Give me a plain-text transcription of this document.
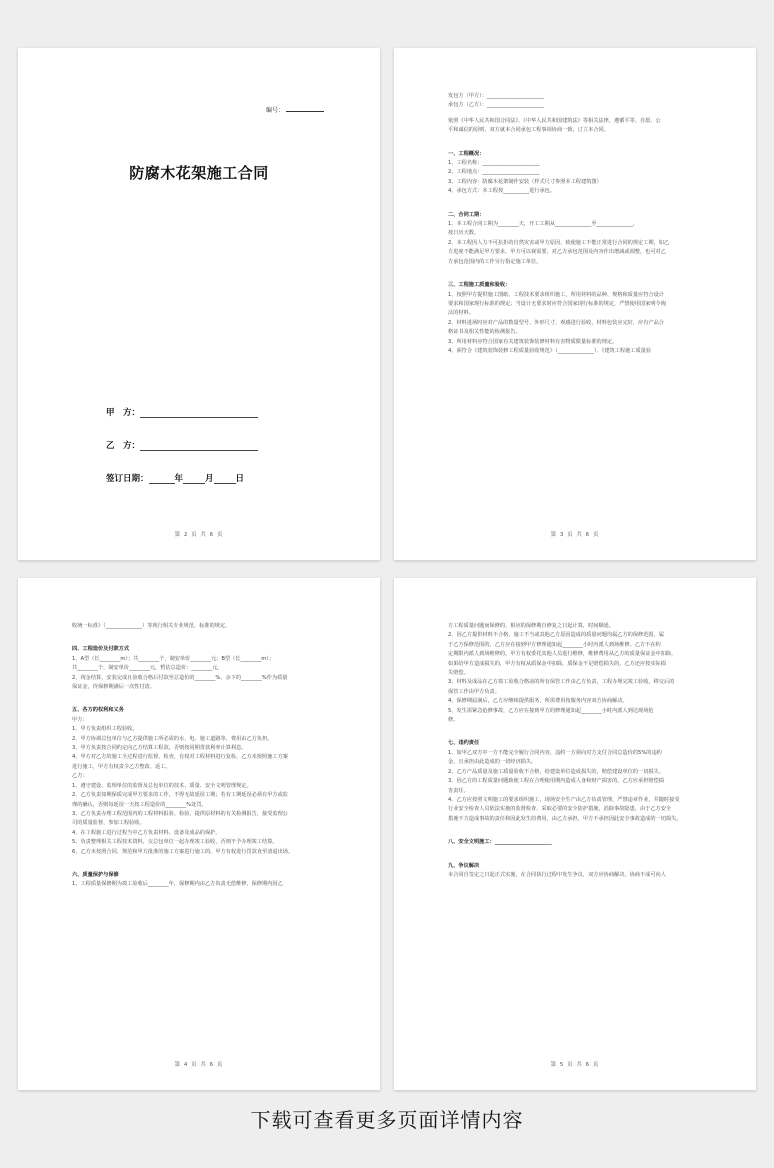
编号：
防腐木花架施工合同
甲　方：
乙　方：
签订日期：	年	月	日
第 2 页 共 6 页
发包方（甲方）：______________________
承包方（乙方）：______________________
依照《中华人民共和国合同法》、《中华人民共和国建筑法》等相关法律，遵循平等、自愿、公
平和诚信的原则，双方就本合同承包工程事项协商一致，订立本合同。
一、工程概况：
1、工程名称：______________________
2、工程地点：______________________
3、工程内容：防腐木花架制作安装（样式尺寸参照本工程建筑图）
4、承包方式：本工程按__________进行承包。
二、合同工期：
1、本工程合同工期为________天，开工工期从______________至______________，
按日历天数。
2、本工程因人力不可抗拒的自然灾害或甲方原因，致使施工不能正常进行合同的规定工期，如乙
方进度不能满足甲方要求，甲方可以视需要，对乙方承包范围及内容作出增减或调整，也可对乙
方承包范围内的工作另行指定施工单位。
三、工程施工质量和验收：
1、按照甲方提供施工图纸、工程技术要求组织施工，所用材料的品种、规格和质量应符合设计
要求和国家现行标准的规定；当设计无要求时应符合国家现行标准的规定，严禁使用国家明令淘
汰的材料。
2、材料进场时应对产品的数量型号、外形尺寸、观感进行验收，材料包装应完好，应有产品合
格证书及相关性能的检测报告。
3、所用材料应符合国家有关建筑装饰装修材料有害物质限量标准的规定。
4、须符合《建筑装饰装修工程质量验收规范》（______________）、《建筑工程施工质量验
第 3 页 共 6 页
收统一标准》（______________）等现行相关专业规范、标准的规定。
四、工程造价及付款方式
1、A型（长________m）；共________个，制安单价________元；B型（长________m）；
共________个，制安单价________元，暂估总造价：________元。
2、现金结算，安装完成且验收合格后付款至总造价的________%，余下的________%作为质量
保证金，待保修期满后一次性付清。
五、各方的权利和义务
甲方：
1、甲方负责组织工程验收。
2、甲方协调总包单位与乙方提供施工所必需的水、电、施工道路等，费用由乙方负担。
3、甲方负责按合同约定向乙方结算工程款，否则按同期贷款利率计算利息。
4、甲方对乙方的施工全过程进行监督、检查，有权对工程材料进行复检，乙方未按照施工方案
进行施工，甲方有权责令乙方整改、返工。
乙方：
1、遵守建设、监理单位的监督及总包单位的技术、质量、安全文明管理规定。
2、乙方负责如期保质完成甲方要求的工作，不得无故延误工期；若有工期延误必须有甲方或监
理的确认，否则每延误一天按工程造价的________%处罚。
3、乙方负责办理工程范围内的工程材料报验、检验，提供原材料的有关检测报告，接受监理公
司的质量监督，参加工程验收。
4、在工程施工进行过程当中乙方负责材料、设备及成品的保护。
5、负责整理相关工程技术资料，交总包单位一起办理竣工验收，否则不予办理竣工结算。
6、乙方未按照合同、规范和甲方批准的施工方案进行施工的，甲方有权进行罚款直至清退出场。
六、质量保护与保修
1、工程质量保修期为竣工验收后________年，保修期内由乙方负责无偿维修，保修期内因乙
第 4 页 共 6 页
方工程质量问题而保修的，相应的保修期自修复之日起计算，时间顺延。
2、因乙方提供材料不合格，施工不当或其他乙方原因造成的质量问题均属乙方的保修范围，属
于乙方保修范围的，乙方应在接到甲方修理通知起________小时内派人到场维修。乙方不在约
定期限内派人到场维修的，甲方有权委托其他人员进行维修，维修费用从乙方的质量保证金中扣除，
如果给甲方造成损失的，甲方有权从质保金中扣除，质保金不足赔偿损失的，乙方还应按实际损
失赔偿。
3、材料及成品在乙方竣工验收合格前的所有保管工作由乙方负责，工程办理完竣工验收，移交后的
保管工作由甲方负责。
4、保修期届满后，乙方应继续提供服务，所需费用按服务内容双方协商解决。
5、发生需紧急抢修事故，乙方应在接到甲方的修理通知起________小时内派人到达现场抢
修。
七、违约责任
1、如甲乙双方中一方不能完全履行合同内容，违约一方须向对方支付合同总造价的5%的违约
金，且承担由此造成的一切经济损失。
2、乙方产品质量及施工质量验收不合格，给建设单位造成损失的，赔偿建设单位的一切损失。
3、因乙方的工程质量问题致使工程在合理使用期内造成人身和财产损害的，乙方应承担赔偿损
害责任。
4、乙方应按照文明施工的要求组织施工，现场安全生产由乙方负责管理，严禁违章作业，并随时接受
行业安全检查人员依法实施的监督检查，采取必要的安全防护措施，消除事故隐患，由于乙方安全
措施不力造成事故的责任和因此发生的费用，由乙方承担，甲方不承担因此安全事故造成的一切损失。
八、安全文明施工：______________________
九、争议解决
本合同自签定之日起正式实施，在合同执行过程中发生争议，双方应协商解决，协商不成可向人
第 5 页 共 6 页
下载可查看更多页面详情内容
